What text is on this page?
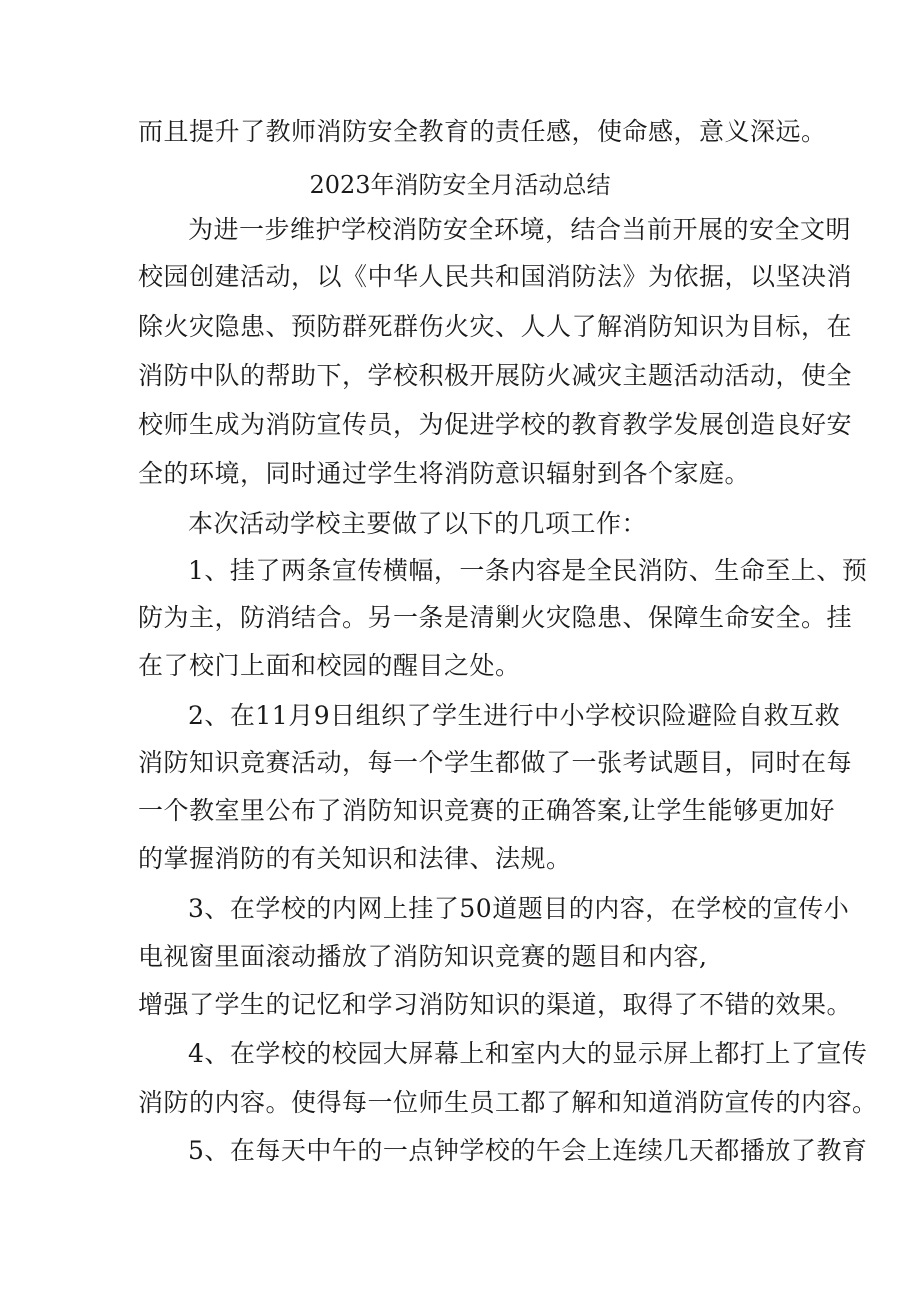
而且提升了教师消防安全教育的责任感，使命感，意义深远。
2023年消防安全月活动总结
为进一步维护学校消防安全环境，结合当前开展的安全文明
校园创建活动，以《中华人民共和国消防法》为依据，以坚决消
除火灾隐患、预防群死群伤火灾、人人了解消防知识为目标，在
消防中队的帮助下，学校积极开展防火减灾主题活动活动，使全
校师生成为消防宣传员，为促进学校的教育教学发展创造良好安
全的环境，同时通过学生将消防意识辐射到各个家庭。
本次活动学校主要做了以下的几项工作：
1、挂了两条宣传横幅，一条内容是全民消防、生命至上、预
防为主，防消结合。另一条是清剿火灾隐患、保障生命安全。挂
在了校门上面和校园的醒目之处。
2、在11月9日组织了学生进行中小学校识险避险自救互救
消防知识竞赛活动，每一个学生都做了一张考试题目，同时在每
一个教室里公布了消防知识竞赛的正确答案,让学生能够更加好
的掌握消防的有关知识和法律、法规。
3、在学校的内网上挂了50道题目的内容，在学校的宣传小
电视窗里面滚动播放了消防知识竞赛的题目和内容,
增强了学生的记忆和学习消防知识的渠道，取得了不错的效果。
4、在学校的校园大屏幕上和室内大的显示屏上都打上了宣传
消防的内容。使得每一位师生员工都了解和知道消防宣传的内容。
5、在每天中午的一点钟学校的午会上连续几天都播放了教育
